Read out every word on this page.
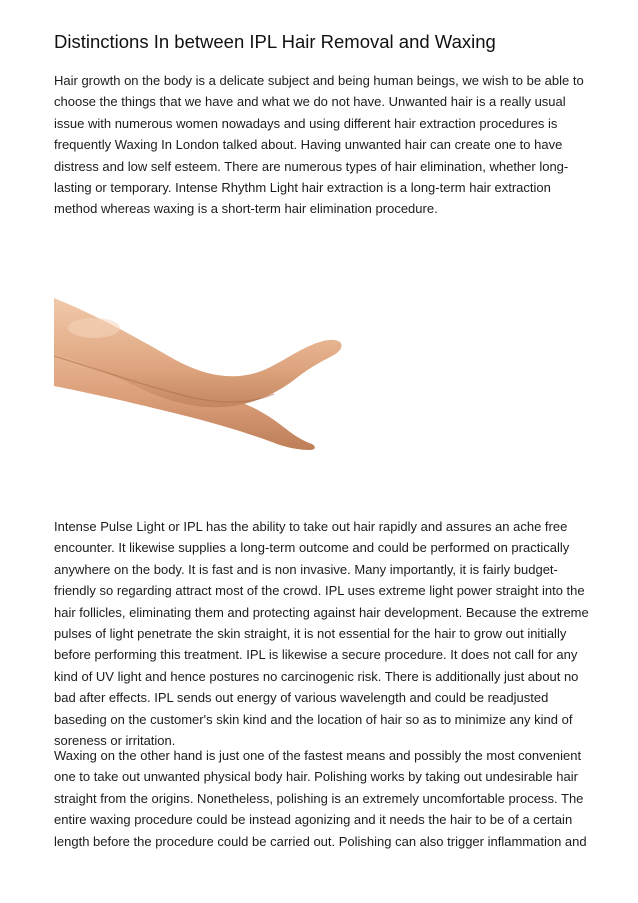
Distinctions In between IPL Hair Removal and Waxing

Hair growth on the body is a delicate subject and being human beings, we wish to be able to choose the things that we have and what we do not have. Unwanted hair is a really usual issue with numerous women nowadays and using different hair extraction procedures is frequently Waxing In London talked about. Having unwanted hair can create one to have distress and low self esteem. There are numerous types of hair elimination, whether long-lasting or temporary. Intense Rhythm Light hair extraction is a long-term hair extraction method whereas waxing is a short-term hair elimination procedure.

Intense Pulse Light or IPL has the ability to take out hair rapidly and assures an ache free encounter. It likewise supplies a long-term outcome and could be performed on practically anywhere on the body. It is fast and is non invasive. Many importantly, it is fairly budget-friendly so regarding attract most of the crowd. IPL uses extreme light power straight into the hair follicles, eliminating them and protecting against hair development. Because the extreme pulses of light penetrate the skin straight, it is not essential for the hair to grow out initially before performing this treatment. IPL is likewise a secure procedure. It does not call for any kind of UV light and hence postures no carcinogenic risk. There is additionally just about no bad after effects. IPL sends out energy of various wavelength and could be readjusted baseding on the customer's skin kind and the location of hair so as to minimize any kind of soreness or irritation.

Waxing on the other hand is just one of the fastest means and possibly the most convenient one to take out unwanted physical body hair. Polishing works by taking out undesirable hair straight from the origins. Nonetheless, polishing is an extremely uncomfortable process. The entire waxing procedure could be instead agonizing and it needs the hair to be of a certain length before the procedure could be carried out. Polishing can also trigger inflammation and
